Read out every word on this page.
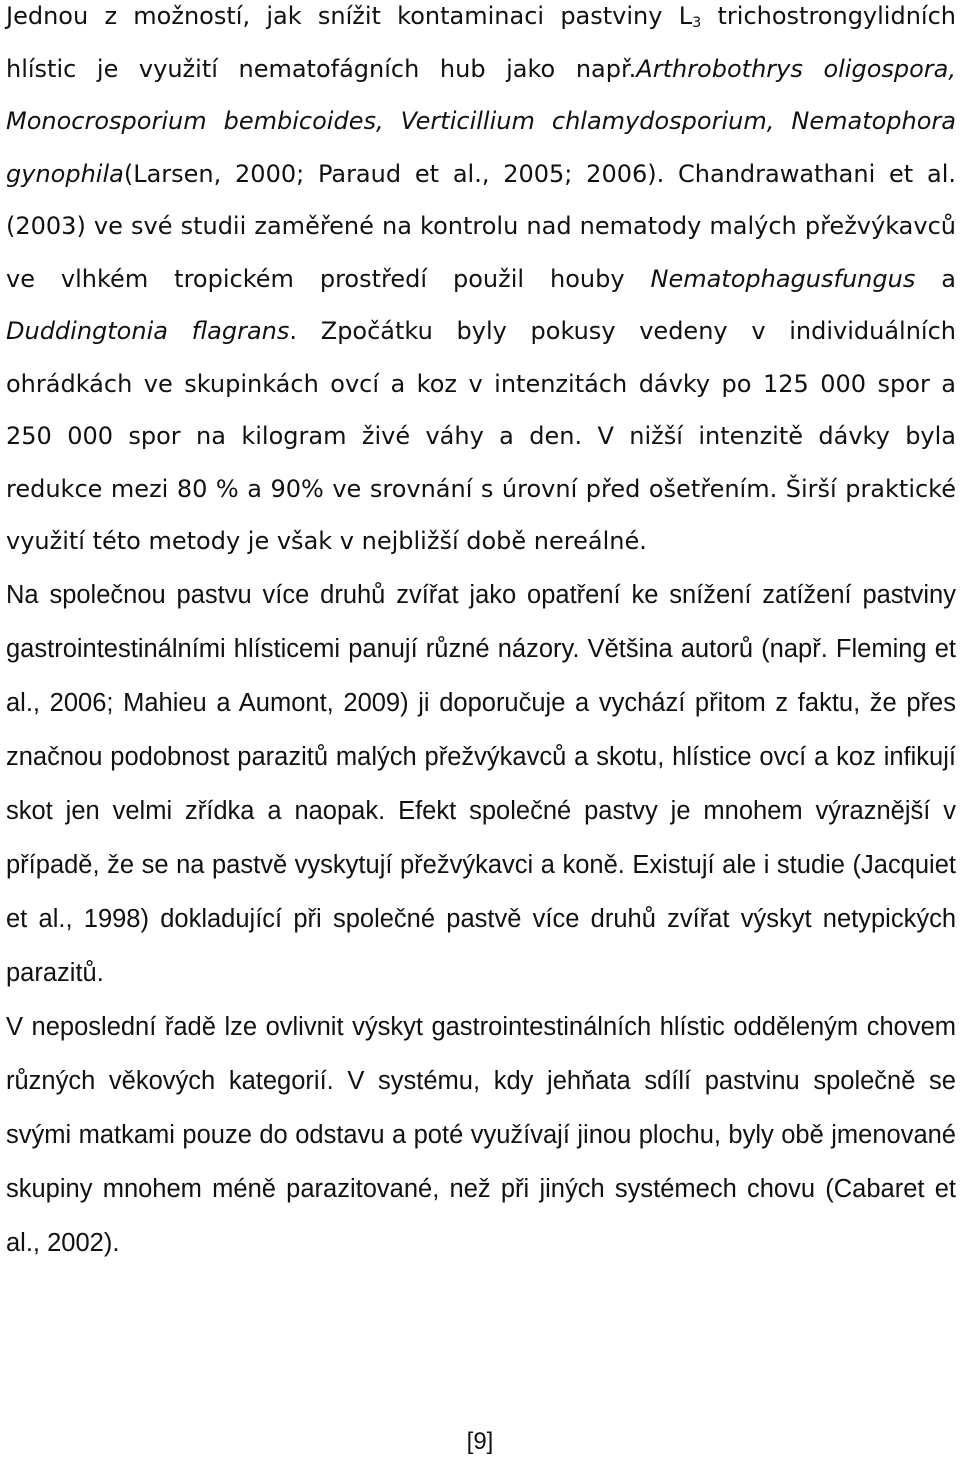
Jednou z možností, jak snížit kontaminaci pastviny $L_3$ trichostrongylidních hlístic je využití nematofágních hub jako např.Arthrobothrys oligospora, Monocrosporium bembicoides, Verticillium chlamydosporium, Nematophora gynophila(Larsen, 2000; Paraud et al., 2005; 2006). Chandrawathani et al. (2003) ve své studii zaměřené na kontrolu nad nematody malých přežvýkavců ve vlhkém tropickém prostředí použil houby Nematophagusfungus a Duddingtonia flagrans. Zpočátku byly pokusy vedeny v individuálních ohrádkách ve skupinkách ovcí a koz v intenzitách dávky po 125 000 spor a 250 000 spor na kilogram živé váhy a den. V nižší intenzitě dávky byla redukce mezi 80 % a 90% ve srovnání s úrovní před ošetřením. Širší praktické využití této metody je však v nejbližší době nereálné.

Na společnou pastvu více druhů zvířat jako opatření ke snížení zatížení pastviny gastrointestinálními hlísticemi panují různé názory. Většina autorů (např. Fleming et al., 2006; Mahieu a Aumont, 2009) ji doporučuje a vychází přitom z faktu, že přes značnou podobnost parazitů malých přežvýkavců a skotu, hlístice ovcí a koz infikují skot jen velmi zřídka a naopak. Efekt společné pastvy je mnohem výraznější v případě, že se na pastvě vyskytují přežvýkavci a koně. Existují ale i studie (Jacquiet et al., 1998) dokladující při společné pastvě více druhů zvířat výskyt netypických parazitů.

V neposlední řadě lze ovlivnit výskyt gastrointestinálních hlístic odděleným chovem různých věkových kategorií. V systému, kdy jehňata sdílí pastvinu společně se svými matkami pouze do odstavu a poté využívají jinou plochu, byly obě jmenované skupiny mnohem méně parazitované, než při jiných systémech chovu (Cabaret et al., 2002).

[9]
